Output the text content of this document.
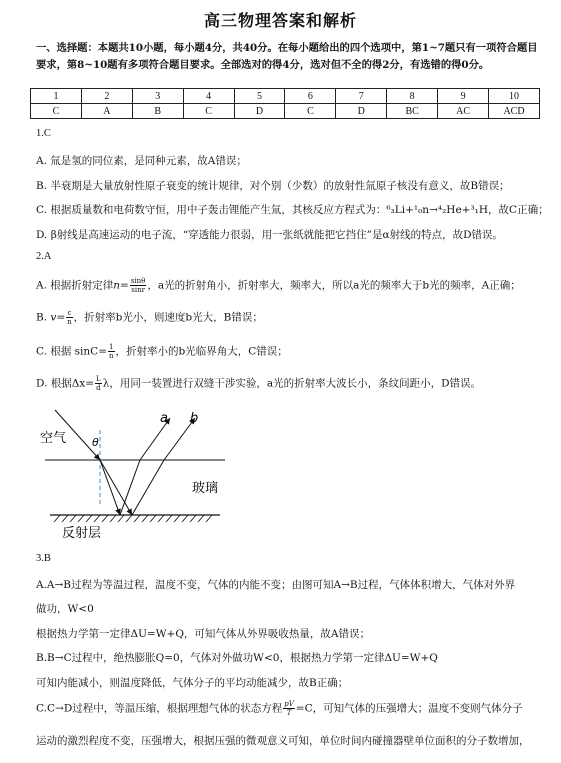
高三物理答案和解析
一、选择题：本题共10小题，每小题4分，共40分。在每小题给出的四个选项中，第1~7题只有一项符合题目要求，第8~10题有多项符合题目要求。全部选对的得4分，选对但不全的得2分，有选错的得0分。
1	2	3	4	5	6	7	8	9	10
C	A	B	C	D	C	D	BC	AC	ACD
1.C
A. 氚是氢的同位素，是同种元素，故A错误；
B. 半衰期是大量放射性原子衰变的统计规律，对个别（少数）的放射性氚原子核没有意义，故B错误；
C. 根据质量数和电荷数守恒，用中子轰击锂能产生氚，其核反应方程式为：⁶₃Li+¹₀n→⁴₂He+³₁H，故C正确；
D. β射线是高速运动的电子流，“穿透能力很弱，用一张纸就能把它挡住”是α射线的特点，故D错误。
2.A
A. 根据折射定律$n= \frac{\sin\theta}{\sin r}$ ，a光的折射角小，折射率大，频率大，所以a光的频率大于b光的频率，A正确；
B. $v= \frac{c}{n}$ ，折射率b光小，则速度b光大，B错误；
C. 根据 $\sin C= \frac{1}{n}$ ，折射率小的b光临界角大，C错误；
D. 根据$\Delta x= \frac{L}{d}$ λ，用同一装置进行双缝干涉实验，a光的折射率大波长小，条纹间距小，D错误。
空气 θ
a b
玻璃
反射层
3.B
A.A→B过程为等温过程，温度不变，气体的内能不变；由图可知A→B过程，气体体积增大，气体对外界
做功，W<0
根据热力学第一定律ΔU=W+Q，可知气体从外界吸收热量，故A错误；
B.B→C过程中，绝热膨胀Q=0，气体对外做功W<0，根据热力学第一定律ΔU=W+Q
可知内能减小，则温度降低，气体分子的平均动能减少，故B正确；
C.C→D过程中，等温压缩，根据理想气体的状态方程 $\frac{pV}{T} =C$，可知气体的压强增大；温度不变则气体分子
运动的激烈程度不变，压强增大，根据压强的微观意义可知，单位时间内碰撞器壁单位面积的分子数增加，
